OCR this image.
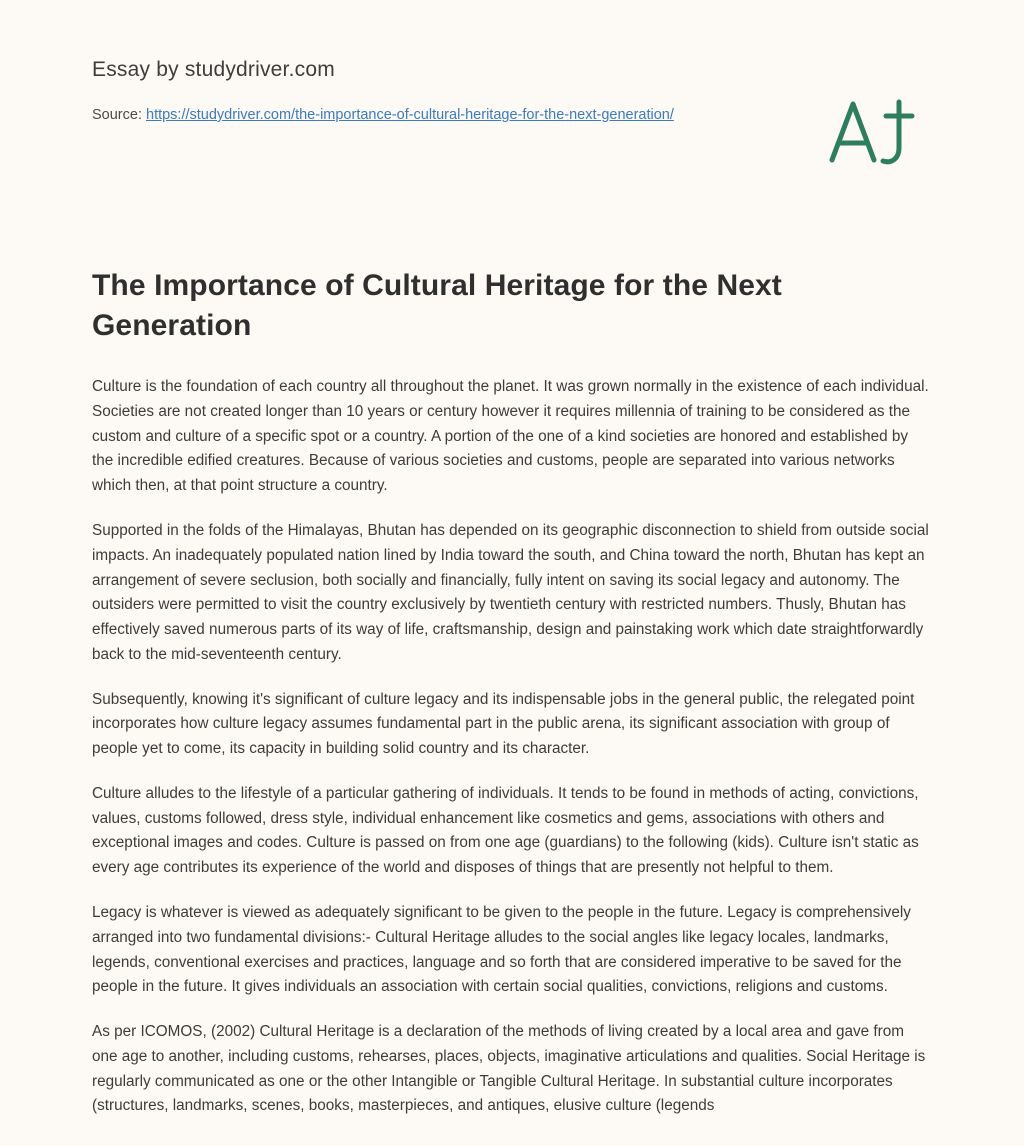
Essay by studydriver.com
Source: https://studydriver.com/the-importance-of-cultural-heritage-for-the-next-generation/
The Importance of Cultural Heritage for the Next Generation

Culture is the foundation of each country all throughout the planet. It was grown normally in the existence of each individual. Societies are not created longer than 10 years or century however it requires millennia of training to be considered as the custom and culture of a specific spot or a country. A portion of the one of a kind societies are honored and established by the incredible edified creatures. Because of various societies and customs, people are separated into various networks which then, at that point structure a country.

Supported in the folds of the Himalayas, Bhutan has depended on its geographic disconnection to shield from outside social impacts. An inadequately populated nation lined by India toward the south, and China toward the north, Bhutan has kept an arrangement of severe seclusion, both socially and financially, fully intent on saving its social legacy and autonomy. The outsiders were permitted to visit the country exclusively by twentieth century with restricted numbers. Thusly, Bhutan has effectively saved numerous parts of its way of life, craftsmanship, design and painstaking work which date straightforwardly back to the mid-seventeenth century.

Subsequently, knowing it's significant of culture legacy and its indispensable jobs in the general public, the relegated point incorporates how culture legacy assumes fundamental part in the public arena, its significant association with group of people yet to come, its capacity in building solid country and its character.

Culture alludes to the lifestyle of a particular gathering of individuals. It tends to be found in methods of acting, convictions, values, customs followed, dress style, individual enhancement like cosmetics and gems, associations with others and exceptional images and codes. Culture is passed on from one age (guardians) to the following (kids). Culture isn't static as every age contributes its experience of the world and disposes of things that are presently not helpful to them.

Legacy is whatever is viewed as adequately significant to be given to the people in the future. Legacy is comprehensively arranged into two fundamental divisions:- Cultural Heritage alludes to the social angles like legacy locales, landmarks, legends, conventional exercises and practices, language and so forth that are considered imperative to be saved for the people in the future. It gives individuals an association with certain social qualities, convictions, religions and customs.

As per ICOMOS, (2002) Cultural Heritage is a declaration of the methods of living created by a local area and gave from one age to another, including customs, rehearses, places, objects, imaginative articulations and qualities. Social Heritage is regularly communicated as one or the other Intangible or Tangible Cultural Heritage. In substantial culture incorporates (structures, landmarks, scenes, books, masterpieces, and antiques, elusive culture (legends
